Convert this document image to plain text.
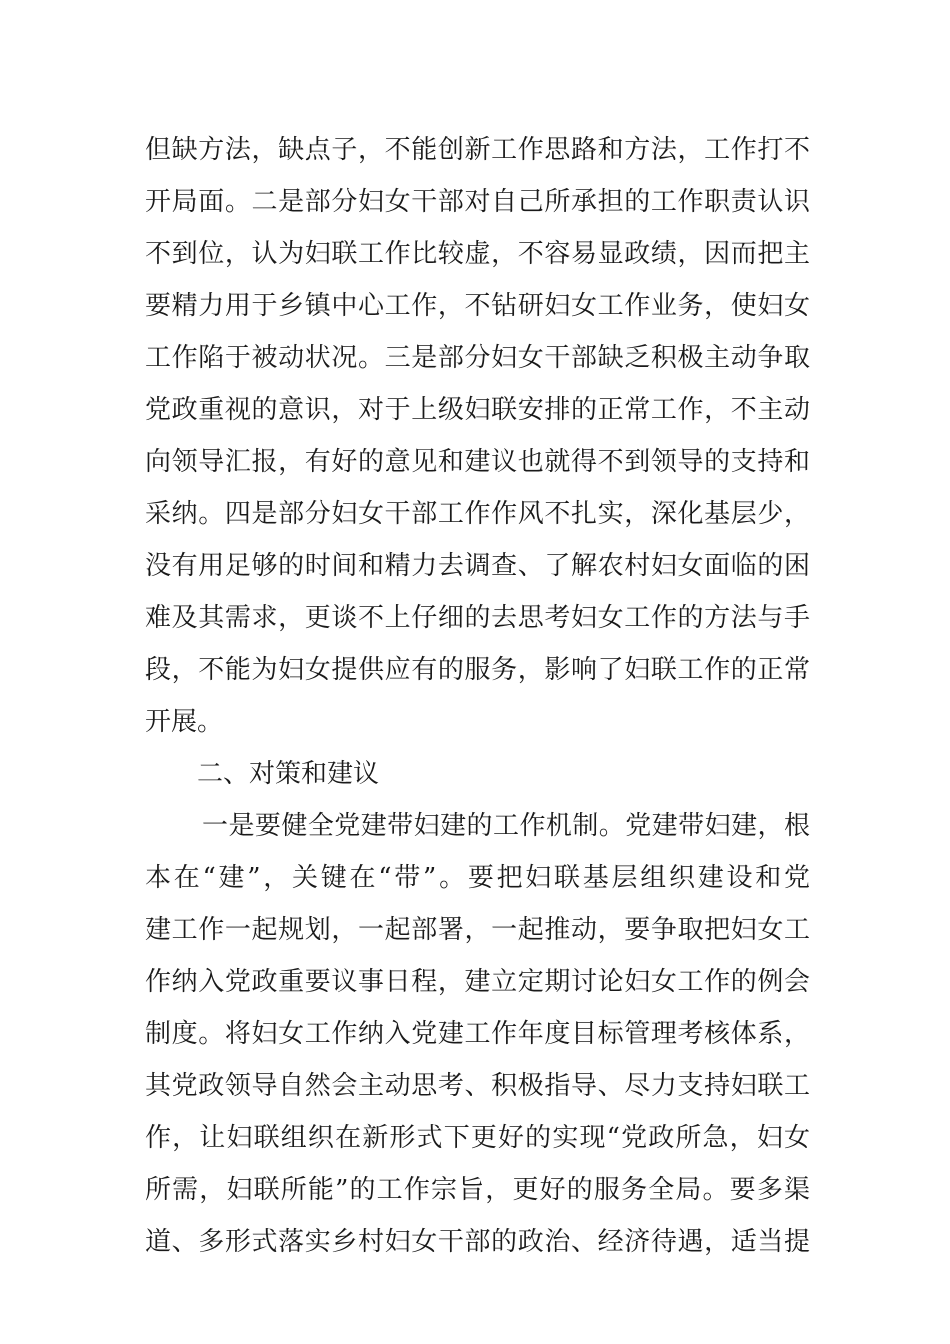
但缺方法，缺点子，不能创新工作思路和方法，工作打不
开局面。二是部分妇女干部对自己所承担的工作职责认识
不到位，认为妇联工作比较虚，不容易显政绩，因而把主
要精力用于乡镇中心工作，不钻研妇女工作业务，使妇女
工作陷于被动状况。三是部分妇女干部缺乏积极主动争取
党政重视的意识，对于上级妇联安排的正常工作，不主动
向领导汇报，有好的意见和建议也就得不到领导的支持和
采纳。四是部分妇女干部工作作风不扎实，深化基层少，
没有用足够的时间和精力去调查、了解农村妇女面临的困
难及其需求，更谈不上仔细的去思考妇女工作的方法与手
段，不能为妇女提供应有的服务，影响了妇联工作的正常
开展。
二、对策和建议
一是要健全党建带妇建的工作机制。党建带妇建，根
本在“建”，关键在“带”。要把妇联基层组织建设和党
建工作一起规划，一起部署，一起推动，要争取把妇女工
作纳入党政重要议事日程，建立定期讨论妇女工作的例会
制度。将妇女工作纳入党建工作年度目标管理考核体系，
其党政领导自然会主动思考、积极指导、尽力支持妇联工
作，让妇联组织在新形式下更好的实现“党政所急，妇女
所需，妇联所能”的工作宗旨，更好的服务全局。要多渠
道、多形式落实乡村妇女干部的政治、经济待遇，适当提
